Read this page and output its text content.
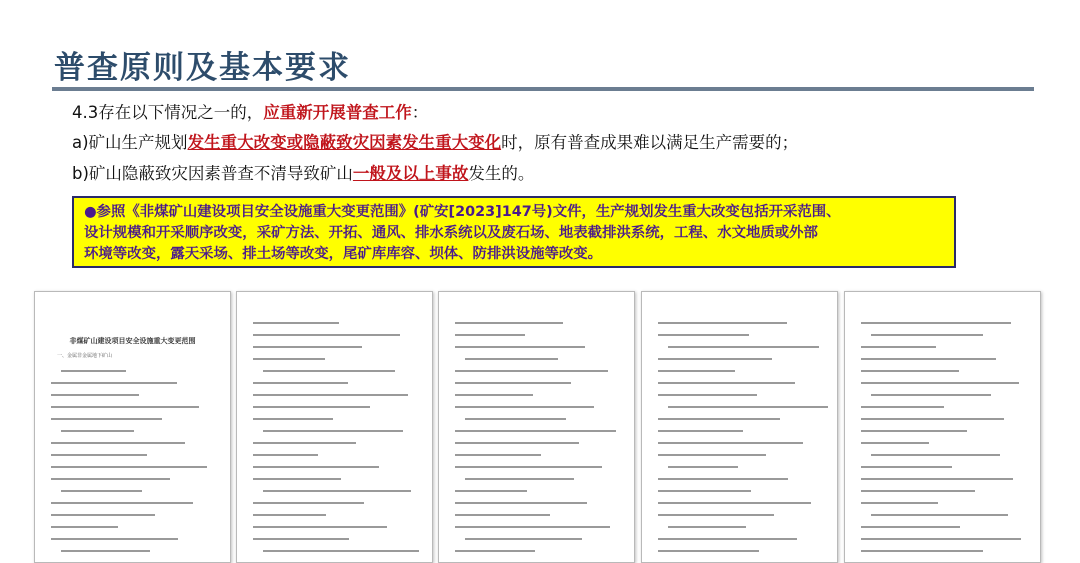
普查原则及基本要求
4.3存在以下情况之一的，应重新开展普查工作：
a)矿山生产规划发生重大改变或隐蔽致灾因素发生重大变化时，原有普查成果难以满足生产需要的；
b)矿山隐蔽致灾因素普查不清导致矿山一般及以上事故发生的。
●参照《非煤矿山建设项目安全设施重大变更范围》(矿安[2023]147号)文件，生产规划发生重大改变包括开采范围、
设计规模和开采顺序改变，采矿方法、开拓、通风、排水系统以及废石场、地表截排洪系统，工程、水文地质或外部
环境等改变，露天采场、排土场等改变，尾矿库库容、坝体、防排洪设施等改变。
非煤矿山建设项目安全设施重大变更范围
一、金属非金属地下矿山
